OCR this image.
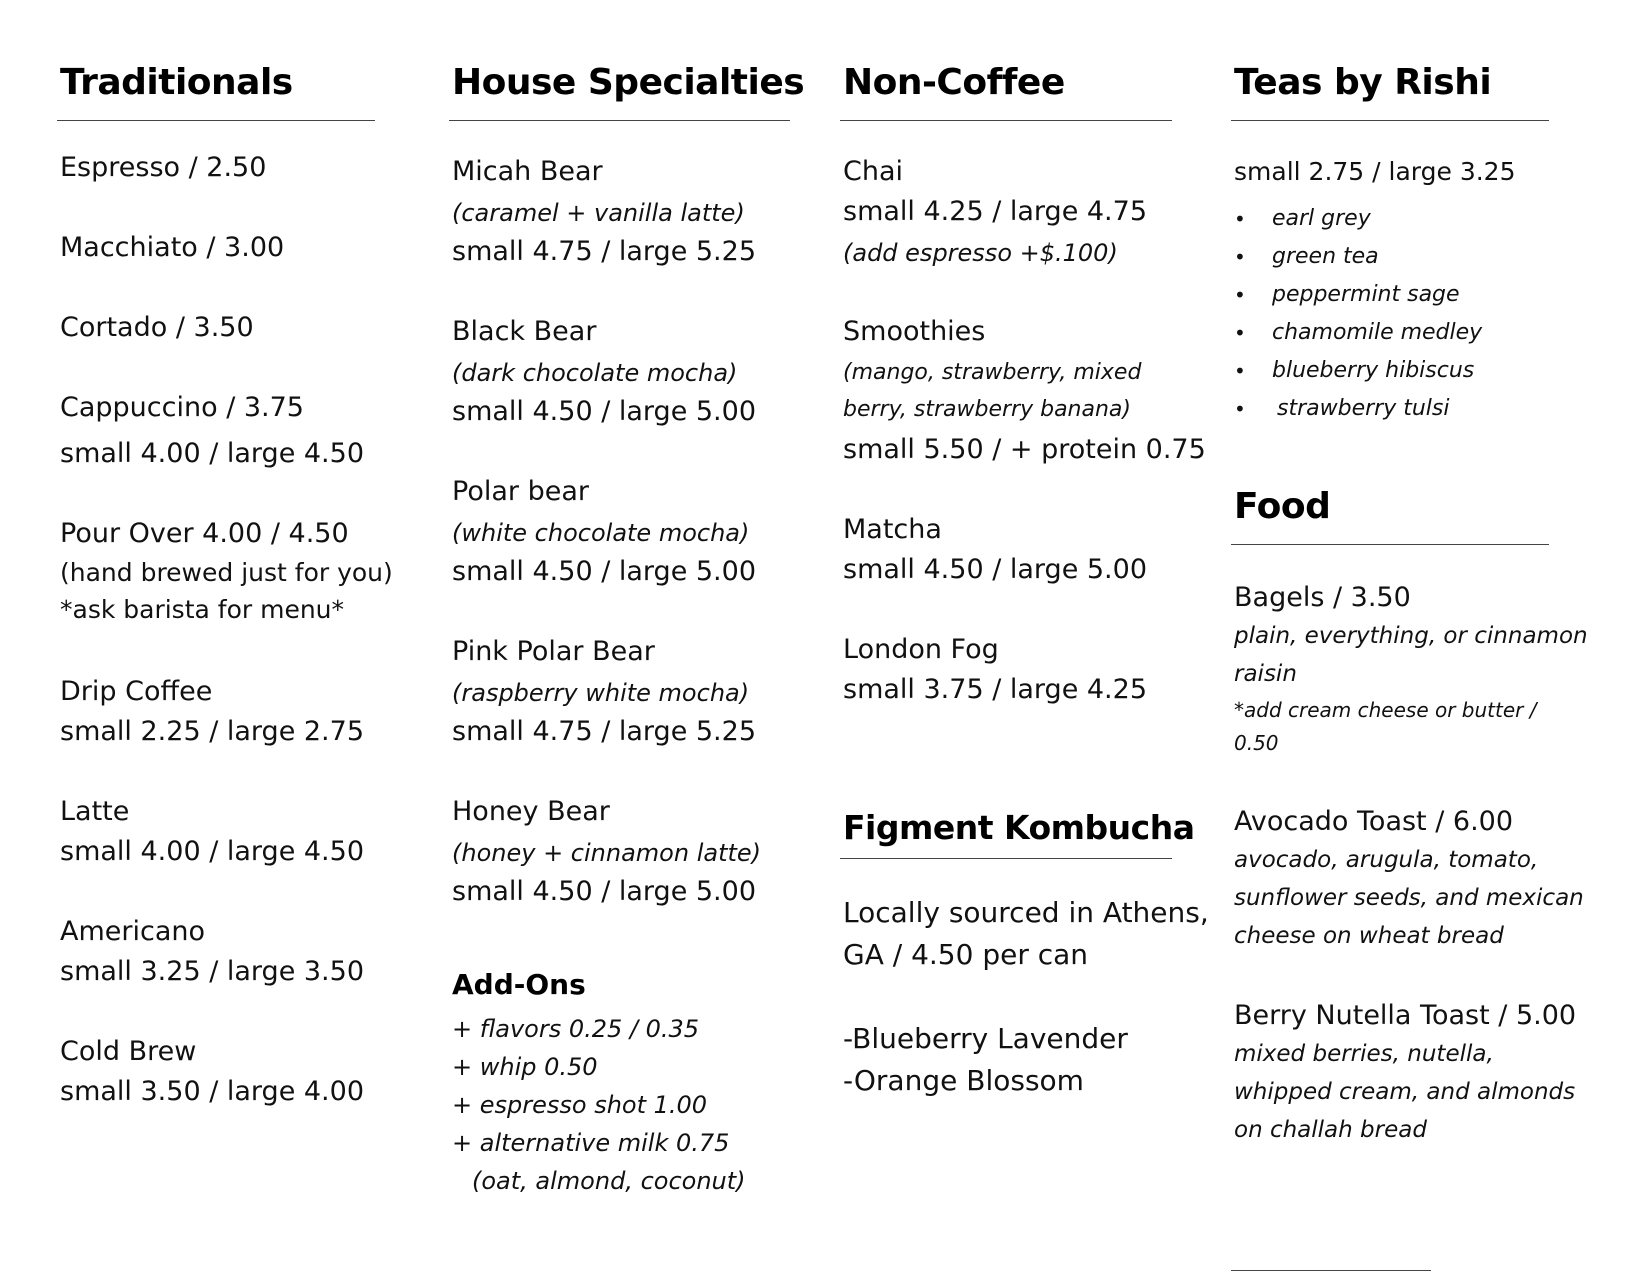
Traditionals
Espresso / 2.50
Macchiato / 3.00
Cortado / 3.50
Cappuccino / 3.75
small 4.00 / large 4.50
Pour Over 4.00 / 4.50
(hand brewed just for you)
*ask barista for menu*
Drip Coffee
small 2.25 / large 2.75
Latte
small 4.00 / large 4.50
Americano
small 3.25 / large 3.50
Cold Brew
small 3.50 / large 4.00
House Specialties
Micah Bear
(caramel + vanilla latte)
small 4.75 / large 5.25
Black Bear
(dark chocolate mocha)
small 4.50 / large 5.00
Polar bear
(white chocolate mocha)
small 4.50 / large 5.00
Pink Polar Bear
(raspberry white mocha)
small 4.75 / large 5.25
Honey Bear
(honey + cinnamon latte)
small 4.50 / large 5.00
Add-Ons
+ flavors 0.25 / 0.35
+ whip 0.50
+ espresso shot 1.00
+ alternative milk 0.75
(oat, almond, coconut)
Non-Coffee
Chai
small 4.25 / large 4.75
(add espresso +$.100)
Smoothies
(mango, strawberry, mixed
berry, strawberry banana)
small 5.50 / + protein 0.75
Matcha
small 4.50 / large 5.00
London Fog
small 3.75 / large 4.25
Figment Kombucha
Locally sourced in Athens,
GA / 4.50 per can
-Blueberry Lavender
-Orange Blossom
Teas by Rishi
small 2.75 / large 3.25
• earl grey
• green tea
• peppermint sage
• chamomile medley
• blueberry hibiscus
• strawberry tulsi
Food
Bagels / 3.50
plain, everything, or cinnamon
raisin
*add cream cheese or butter /
0.50
Avocado Toast / 6.00
avocado, arugula, tomato,
sunflower seeds, and mexican
cheese on wheat bread
Berry Nutella Toast / 5.00
mixed berries, nutella,
whipped cream, and almonds
on challah bread
